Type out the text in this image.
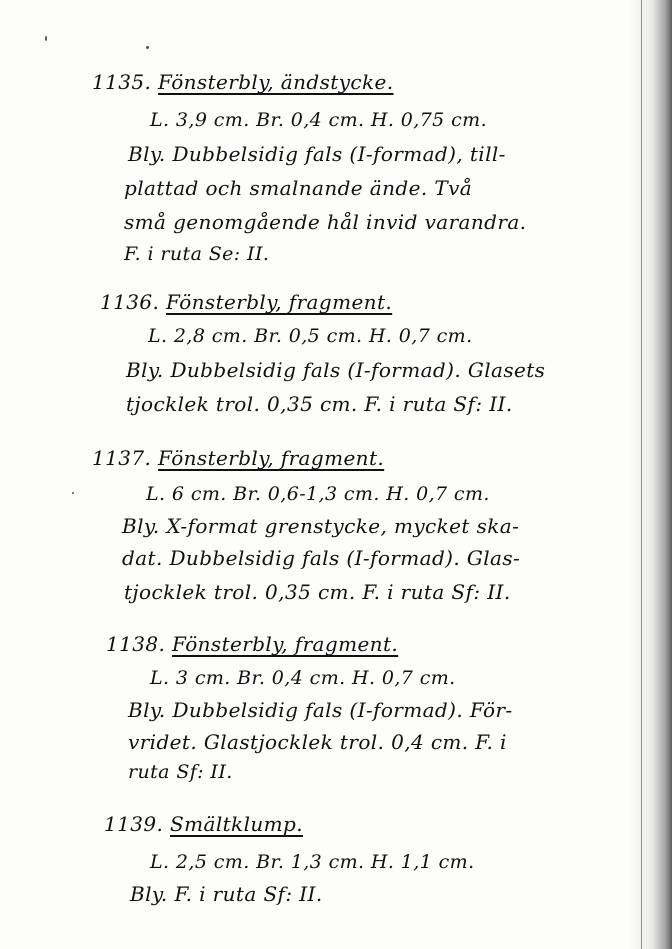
1135. Fönsterbly, ändstycke.
L. 3,9 cm. Br. 0,4 cm. H. 0,75 cm.
Bly. Dubbelsidig fals (I-formad), till-
plattad och smalnande ände. Två
små genomgående hål invid varandra.
F. i ruta Se: II.
1136. Fönsterbly, fragment.
L. 2,8 cm. Br. 0,5 cm. H. 0,7 cm.
Bly. Dubbelsidig fals (I-formad). Glasets
tjocklek trol. 0,35 cm. F. i ruta Sf: II.
1137. Fönsterbly, fragment.
L. 6 cm. Br. 0,6-1,3 cm. H. 0,7 cm.
Bly. X-format grenstycke, mycket ska-
dat. Dubbelsidig fals (I-formad). Glas-
tjocklek trol. 0,35 cm. F. i ruta Sf: II.
1138. Fönsterbly, fragment.
L. 3 cm. Br. 0,4 cm. H. 0,7 cm.
Bly. Dubbelsidig fals (I-formad). För-
vridet. Glastjocklek trol. 0,4 cm. F. i
ruta Sf: II.
1139. Smältklump.
L. 2,5 cm. Br. 1,3 cm. H. 1,1 cm.
Bly. F. i ruta Sf: II.
